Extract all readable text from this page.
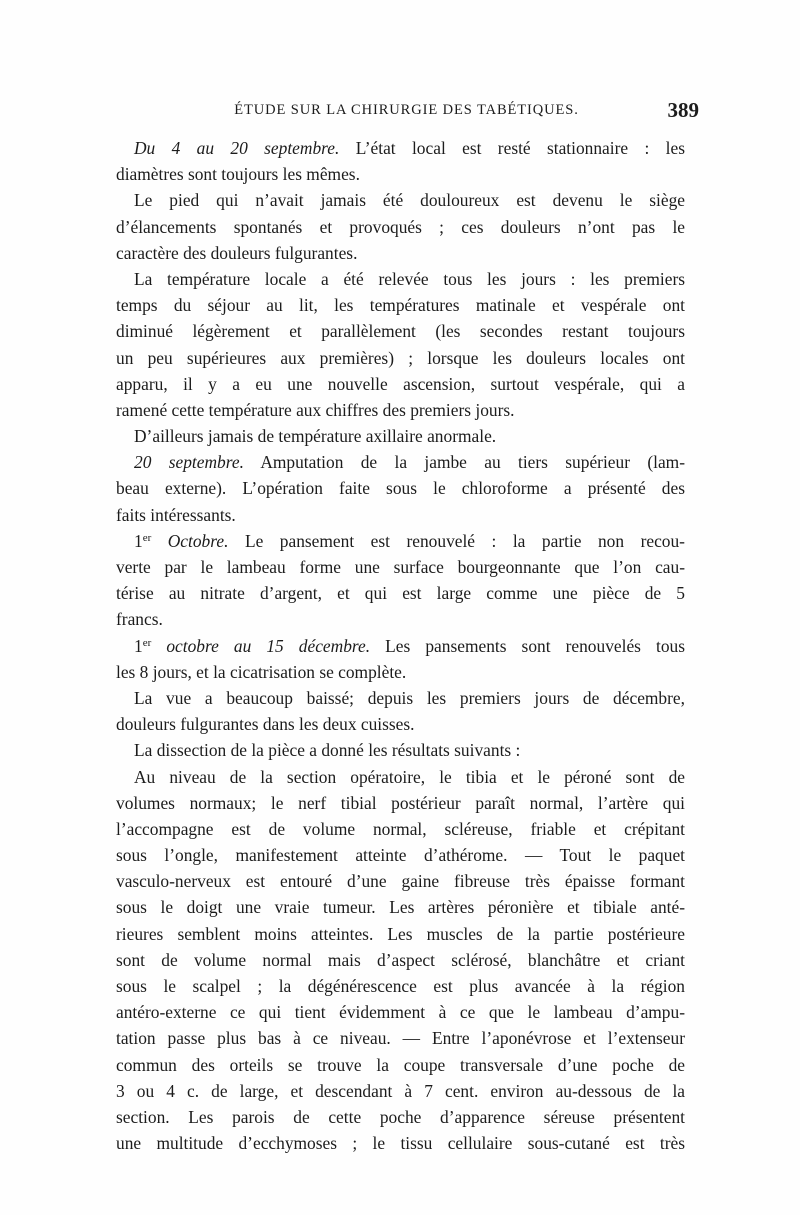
ÉTUDE SUR LA CHIRURGIE DES TABÉTIQUES.	389
Du 4 au 20 septembre. L’état local est resté stationnaire : les
diamètres sont toujours les mêmes.
Le pied qui n’avait jamais été douloureux est devenu le siège
d’élancements spontanés et provoqués ; ces douleurs n’ont pas le
caractère des douleurs fulgurantes.
La température locale a été relevée tous les jours : les premiers
temps du séjour au lit, les températures matinale et vespérale ont
diminué légèrement et parallèlement (les secondes restant toujours
un peu supérieures aux premières) ; lorsque les douleurs locales ont
apparu, il y a eu une nouvelle ascension, surtout vespérale, qui a
ramené cette température aux chiffres des premiers jours.
D’ailleurs jamais de température axillaire anormale.
20 septembre. Amputation de la jambe au tiers supérieur (lam-
beau externe). L’opération faite sous le chloroforme a présenté des
faits intéressants.
1er Octobre. Le pansement est renouvelé : la partie non recou-
verte par le lambeau forme une surface bourgeonnante que l’on cau-
térise au nitrate d’argent, et qui est large comme une pièce de 5
francs.
1er octobre au 15 décembre. Les pansements sont renouvelés tous
les 8 jours, et la cicatrisation se complète.
La vue a beaucoup baissé; depuis les premiers jours de décembre,
douleurs fulgurantes dans les deux cuisses.
La dissection de la pièce a donné les résultats suivants :
Au niveau de la section opératoire, le tibia et le péroné sont de
volumes normaux; le nerf tibial postérieur paraît normal, l’artère qui
l’accompagne est de volume normal, scléreuse, friable et crépitant
sous l’ongle, manifestement atteinte d’athérome. — Tout le paquet
vasculo-nerveux est entouré d’une gaine fibreuse très épaisse formant
sous le doigt une vraie tumeur. Les artères péronière et tibiale anté-
rieures semblent moins atteintes. Les muscles de la partie postérieure
sont de volume normal mais d’aspect sclérosé, blanchâtre et criant
sous le scalpel ; la dégénérescence est plus avancée à la région
antéro-externe ce qui tient évidemment à ce que le lambeau d’ampu-
tation passe plus bas à ce niveau. — Entre l’aponévrose et l’extenseur
commun des orteils se trouve la coupe transversale d’une poche de
3 ou 4 c. de large, et descendant à 7 cent. environ au-dessous de la
section. Les parois de cette poche d’apparence séreuse présentent
une multitude d’ecchymoses ; le tissu cellulaire sous-cutané est très
